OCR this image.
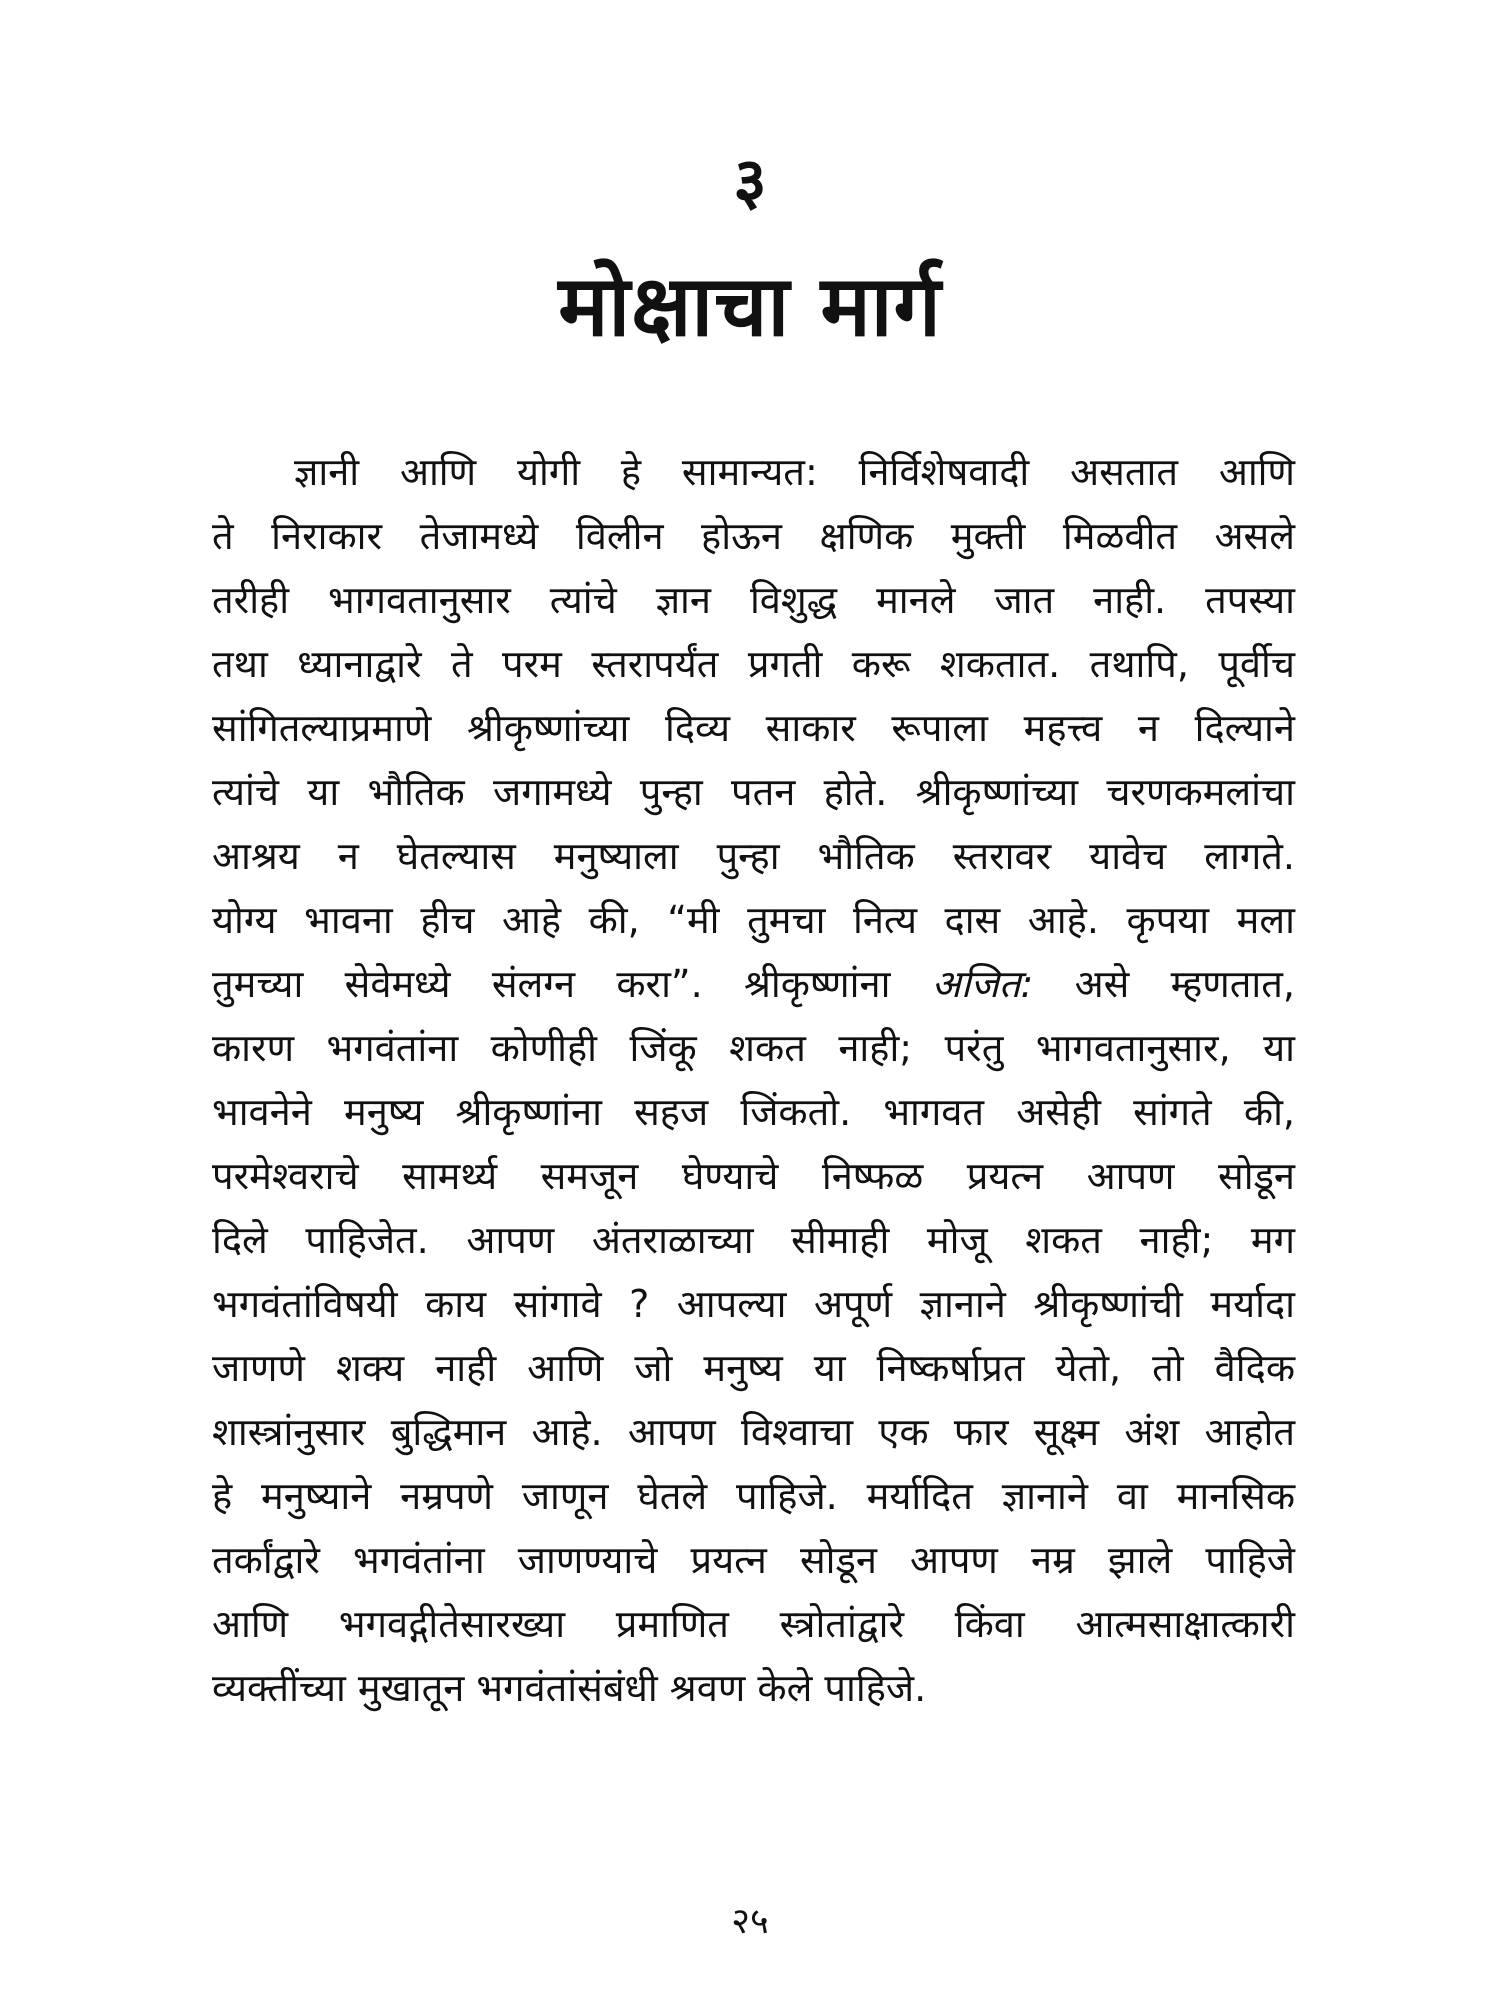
३
मोक्षाचा मार्ग
ज्ञानी आणि योगी हे सामान्यत: निर्विशेषवादी असतात आणि
ते निराकार तेजामध्ये विलीन होऊन क्षणिक मुक्ती मिळवीत असले
तरीही भागवतानुसार त्यांचे ज्ञान विशुद्ध मानले जात नाही. तपस्या
तथा ध्यानाद्वारे ते परम स्तरापर्यंत प्रगती करू शकतात. तथापि, पूर्वीच
सांगितल्याप्रमाणे श्रीकृष्णांच्या दिव्य साकार रूपाला महत्त्व न दिल्याने
त्यांचे या भौतिक जगामध्ये पुन्हा पतन होते. श्रीकृष्णांच्या चरणकमलांचा
आश्रय न घेतल्यास मनुष्याला पुन्हा भौतिक स्तरावर यावेच लागते.
योग्य भावना हीच आहे की, “मी तुमचा नित्य दास आहे. कृपया मला
तुमच्या सेवेमध्ये संलग्न करा”. श्रीकृष्णांना अजित: असे म्हणतात,
कारण भगवंतांना कोणीही जिंकू शकत नाही; परंतु भागवतानुसार, या
भावनेने मनुष्य श्रीकृष्णांना सहज जिंकतो. भागवत असेही सांगते की,
परमेश्वराचे सामर्थ्य समजून घेण्याचे निष्फळ प्रयत्न आपण सोडून
दिले पाहिजेत. आपण अंतराळाच्या सीमाही मोजू शकत नाही; मग
भगवंतांविषयी काय सांगावे ? आपल्या अपूर्ण ज्ञानाने श्रीकृष्णांची मर्यादा
जाणणे शक्य नाही आणि जो मनुष्य या निष्कर्षाप्रत येतो, तो वैदिक
शास्त्रांनुसार बुद्धिमान आहे. आपण विश्वाचा एक फार सूक्ष्म अंश आहोत
हे मनुष्याने नम्रपणे जाणून घेतले पाहिजे. मर्यादित ज्ञानाने वा मानसिक
तर्कांद्वारे भगवंतांना जाणण्याचे प्रयत्न सोडून आपण नम्र झाले पाहिजे
आणि भगवद्गीतेसारख्या प्रमाणित स्त्रोतांद्वारे किंवा आत्मसाक्षात्कारी
व्यक्तींच्या मुखातून भगवंतांसंबंधी श्रवण केले पाहिजे.
२५
